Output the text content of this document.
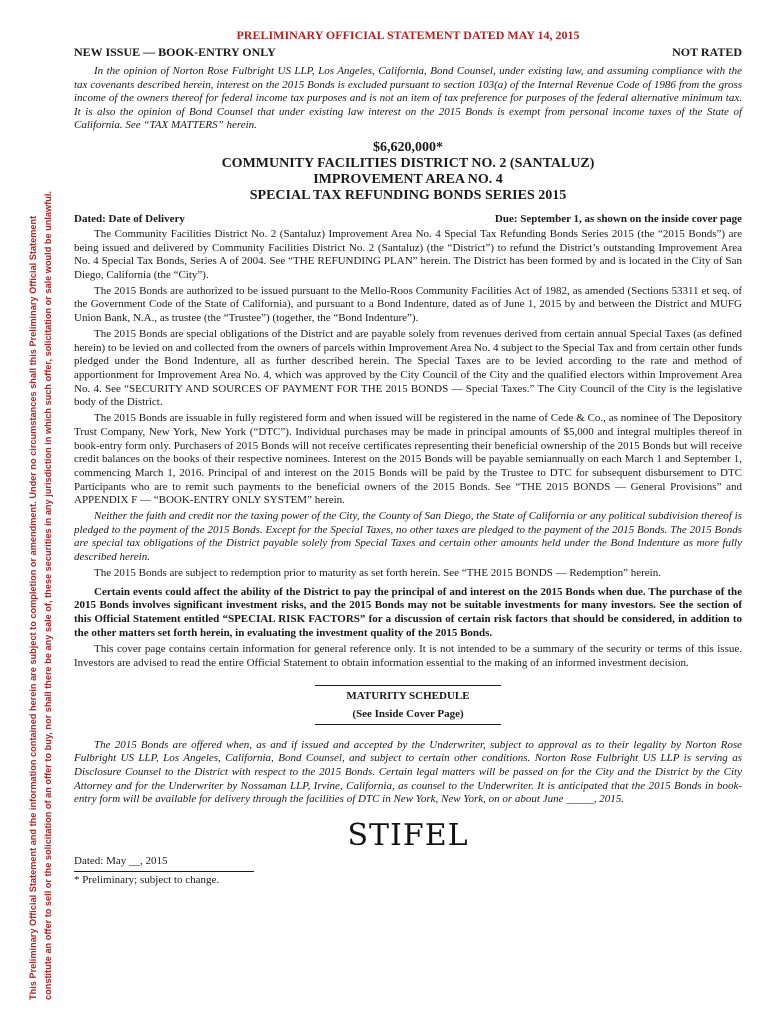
This Preliminary Official Statement and the information contained herein are subject to completion or amendment. Under no circumstances shall this Preliminary Official Statement constitute an offer to sell or the solicitation of an offer to buy, nor shall there be any sale of, these securities in any jurisdiction in which such offer, solicitation or sale would be unlawful.

PRELIMINARY OFFICIAL STATEMENT DATED MAY 14, 2015

NEW ISSUE — BOOK-ENTRY ONLY	NOT RATED

In the opinion of Norton Rose Fulbright US LLP, Los Angeles, California, Bond Counsel, under existing law, and assuming compliance with the tax covenants described herein, interest on the 2015 Bonds is excluded pursuant to section 103(a) of the Internal Revenue Code of 1986 from the gross income of the owners thereof for federal income tax purposes and is not an item of tax preference for purposes of the federal alternative minimum tax. It is also the opinion of Bond Counsel that under existing law interest on the 2015 Bonds is exempt from personal income taxes of the State of California. See “TAX MATTERS” herein.

$6,620,000*

COMMUNITY FACILITIES DISTRICT NO. 2 (SANTALUZ)

IMPROVEMENT AREA NO. 4

SPECIAL TAX REFUNDING BONDS SERIES 2015

Dated: Date of Delivery	Due: September 1, as shown on the inside cover page

The Community Facilities District No. 2 (Santaluz) Improvement Area No. 4 Special Tax Refunding Bonds Series 2015 (the “2015 Bonds”) are being issued and delivered by Community Facilities District No. 2 (Santaluz) (the “District”) to refund the District’s outstanding Improvement Area No. 4 Special Tax Bonds, Series A of 2004. See “THE REFUNDING PLAN” herein. The District has been formed by and is located in the City of San Diego, California (the “City”).

The 2015 Bonds are authorized to be issued pursuant to the Mello-Roos Community Facilities Act of 1982, as amended (Sections 53311 et seq. of the Government Code of the State of California), and pursuant to a Bond Indenture, dated as of June 1, 2015 by and between the District and MUFG Union Bank, N.A., as trustee (the “Trustee”) (together, the “Bond Indenture”).

The 2015 Bonds are special obligations of the District and are payable solely from revenues derived from certain annual Special Taxes (as defined herein) to be levied on and collected from the owners of parcels within Improvement Area No. 4 subject to the Special Tax and from certain other funds pledged under the Bond Indenture, all as further described herein. The Special Taxes are to be levied according to the rate and method of apportionment for Improvement Area No. 4, which was approved by the City Council of the City and the qualified electors within Improvement Area No. 4. See “SECURITY AND SOURCES OF PAYMENT FOR THE 2015 BONDS — Special Taxes.” The City Council of the City is the legislative body of the District.

The 2015 Bonds are issuable in fully registered form and when issued will be registered in the name of Cede & Co., as nominee of The Depository Trust Company, New York, New York (“DTC”). Individual purchases may be made in principal amounts of $5,000 and integral multiples thereof in book-entry form only. Purchasers of 2015 Bonds will not receive certificates representing their beneficial ownership of the 2015 Bonds but will receive credit balances on the books of their respective nominees. Interest on the 2015 Bonds will be payable semiannually on each March 1 and September 1, commencing March 1, 2016. Principal of and interest on the 2015 Bonds will be paid by the Trustee to DTC for subsequent disbursement to DTC Participants who are to remit such payments to the beneficial owners of the 2015 Bonds. See “THE 2015 BONDS — General Provisions” and APPENDIX F — “BOOK-ENTRY ONLY SYSTEM” herein.

Neither the faith and credit nor the taxing power of the City, the County of San Diego, the State of California or any political subdivision thereof is pledged to the payment of the 2015 Bonds. Except for the Special Taxes, no other taxes are pledged to the payment of the 2015 Bonds. The 2015 Bonds are special tax obligations of the District payable solely from Special Taxes and certain other amounts held under the Bond Indenture as more fully described herein.

The 2015 Bonds are subject to redemption prior to maturity as set forth herein. See “THE 2015 BONDS — Redemption” herein.

Certain events could affect the ability of the District to pay the principal of and interest on the 2015 Bonds when due. The purchase of the 2015 Bonds involves significant investment risks, and the 2015 Bonds may not be suitable investments for many investors. See the section of this Official Statement entitled “SPECIAL RISK FACTORS” for a discussion of certain risk factors that should be considered, in addition to the other matters set forth herein, in evaluating the investment quality of the 2015 Bonds.

This cover page contains certain information for general reference only. It is not intended to be a summary of the security or terms of this issue. Investors are advised to read the entire Official Statement to obtain information essential to the making of an informed investment decision.

MATURITY SCHEDULE
(See Inside Cover Page)

The 2015 Bonds are offered when, as and if issued and accepted by the Underwriter, subject to approval as to their legality by Norton Rose Fulbright US LLP, Los Angeles, California, Bond Counsel, and subject to certain other conditions. Norton Rose Fulbright US LLP is serving as Disclosure Counsel to the District with respect to the 2015 Bonds. Certain legal matters will be passed on for the City and the District by the City Attorney and for the Underwriter by Nossaman LLP, Irvine, California, as counsel to the Underwriter. It is anticipated that the 2015 Bonds in book-entry form will be available for delivery through the facilities of DTC in New York, New York, on or about June _____, 2015.

STIFEL
Dated: May __, 2015
* Preliminary; subject to change.
